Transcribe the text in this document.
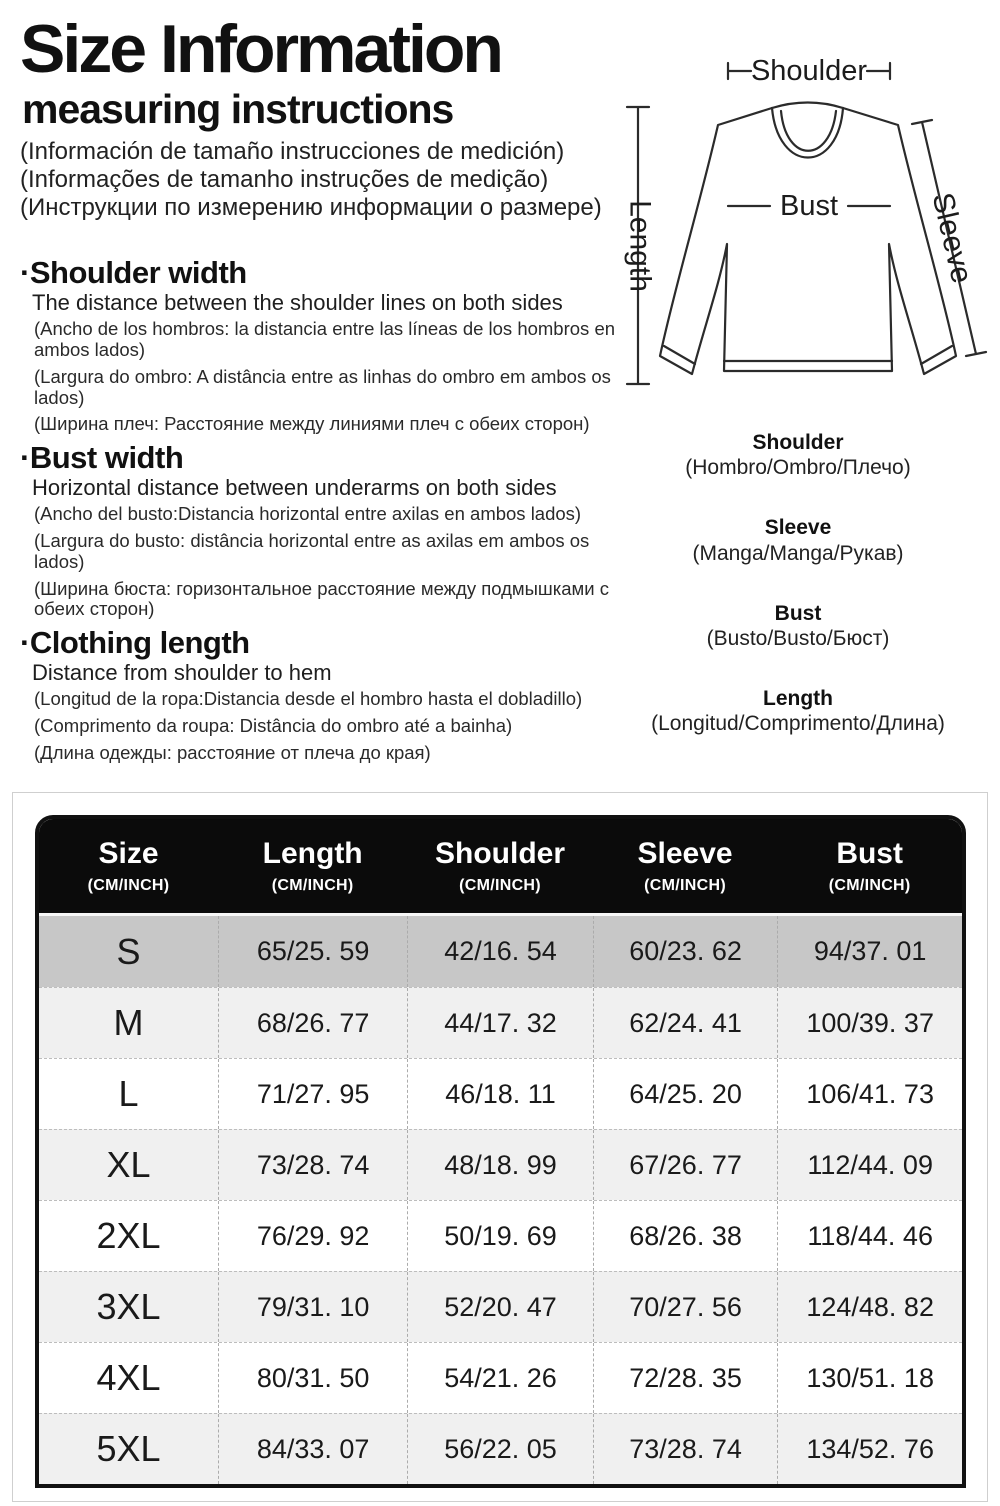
Size Information
measuring instructions

(Información de tamaño instrucciones de medición)

(Informações de tamanho instruções de medição)

(Инструкции по измерению информации о размере)

·Shoulder width

The distance between the shoulder lines on both sides

(Ancho de los hombros: la distancia entre las líneas de los hombros en ambos lados)

(Largura do ombro: A distância entre as linhas do ombro em ambos os lados)

(Ширина плеч: Расстояние между линиями плеч с обеих сторон)

·Bust width

Horizontal distance between underarms on both sides

(Ancho del busto:Distancia horizontal entre axilas en ambos lados)

(Largura do busto: distância horizontal entre as axilas em ambos os lados)

(Ширина бюста: горизонтальное расстояние между подмышками с обеих сторон)

·Clothing length

Distance from shoulder to hem

(Longitud de la ropa:Distancia desde el hombro hasta el dobladillo)

(Comprimento da roupa: Distância do ombro até a bainha)

(Длина одежды: расстояние от плеча до края)

Shoulder
Length	Sleeve
Bust
Shoulder
(Hombro/Ombro/Плечо)
Sleeve
(Manga/Manga/Рукав)
Bust
(Busto/Busto/Бюст)
Length
(Longitud/Comprimento/Длина)
Size
(CM/INCH)
Length
(CM/INCH)
Shoulder
(CM/INCH)
Sleeve
(CM/INCH)
Bust
(CM/INCH)
S	65/25. 59	42/16. 54	60/23. 62	94/37. 01
M	68/26. 77	44/17. 32	62/24. 41	100/39. 37
L	71/27. 95	46/18. 11	64/25. 20	106/41. 73
XL	73/28. 74	48/18. 99	67/26. 77	112/44. 09
2XL	76/29. 92	50/19. 69	68/26. 38	118/44. 46
3XL	79/31. 10	52/20. 47	70/27. 56	124/48. 82
4XL	80/31. 50	54/21. 26	72/28. 35	130/51. 18
5XL	84/33. 07	56/22. 05	73/28. 74	134/52. 76
